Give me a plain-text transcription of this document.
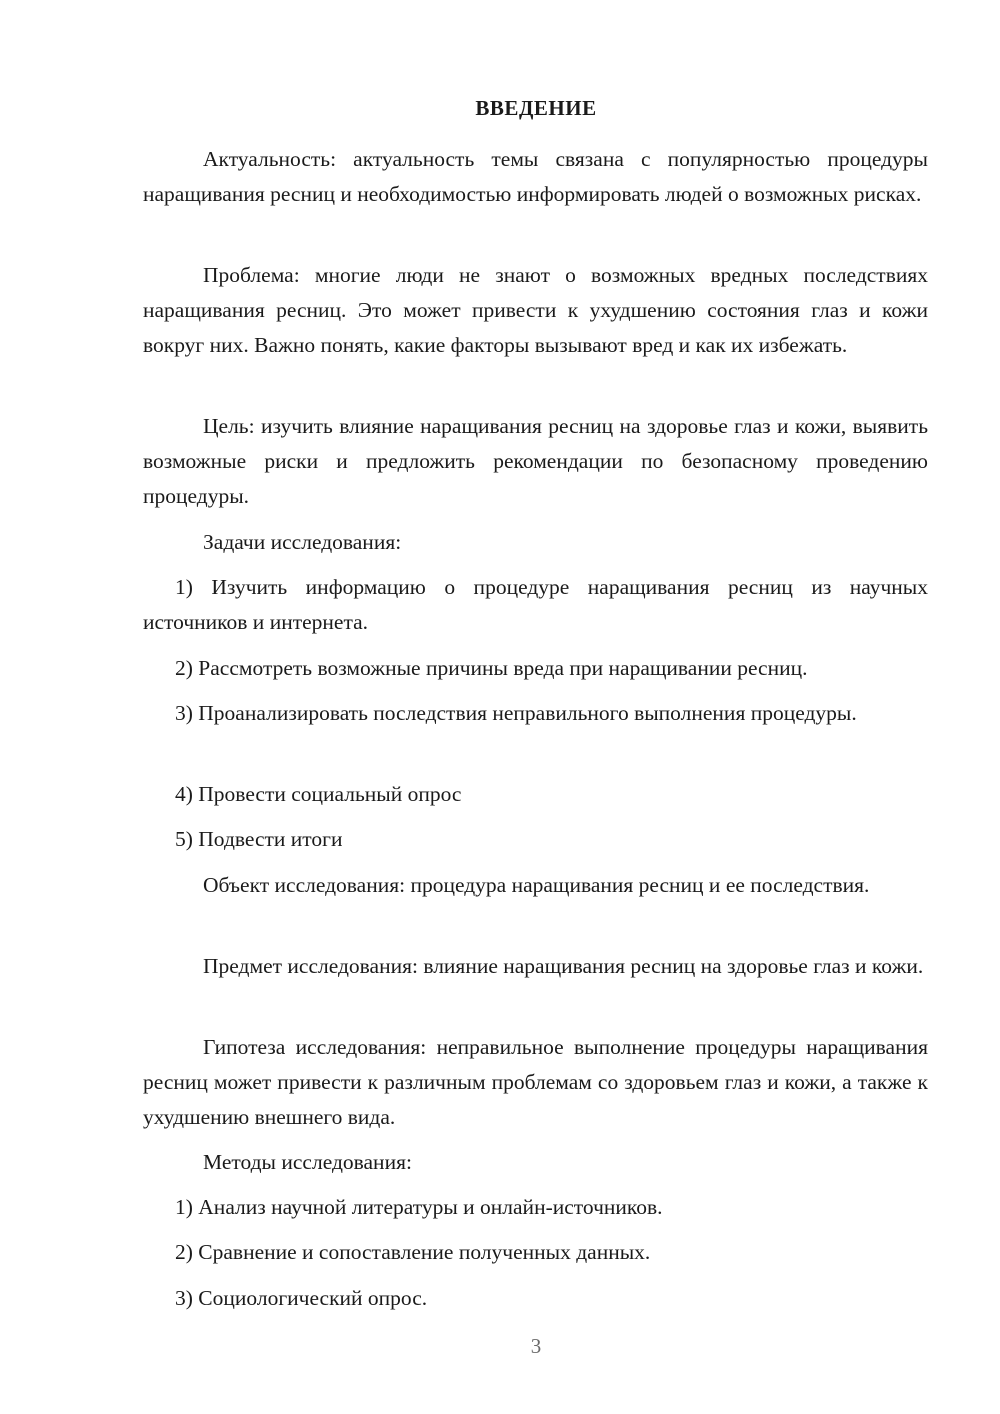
ВВЕДЕНИЕ

Актуальность: актуальность темы связана с популярностью процедуры наращивания ресниц и необходимостью информировать людей о возможных рисках.

Проблема: многие люди не знают о возможных вредных последствиях наращивания ресниц. Это может привести к ухудшению состояния глаз и кожи вокруг них. Важно понять, какие факторы вызывают вред и как их избежать.

Цель: изучить влияние наращивания ресниц на здоровье глаз и кожи, выявить возможные риски и предложить рекомендации по безопасному проведению процедуры.

Задачи исследования:

1) Изучить информацию о процедуре наращивания ресниц из научных источников и интернета.

2) Рассмотреть возможные причины вреда при наращивании ресниц.

3) Проанализировать последствия неправильного выполнения процедуры.

4) Провести социальный опрос

5) Подвести итоги

Объект исследования: процедура наращивания ресниц и ее последствия.

Предмет исследования: влияние наращивания ресниц на здоровье глаз и кожи.

Гипотеза исследования: неправильное выполнение процедуры наращивания ресниц может привести к различным проблемам со здоровьем глаз и кожи, а также к ухудшению внешнего вида.

Методы исследования:

1) Анализ научной литературы и онлайн-источников.

2) Сравнение и сопоставление полученных данных.

3) Социологический опрос.

3
